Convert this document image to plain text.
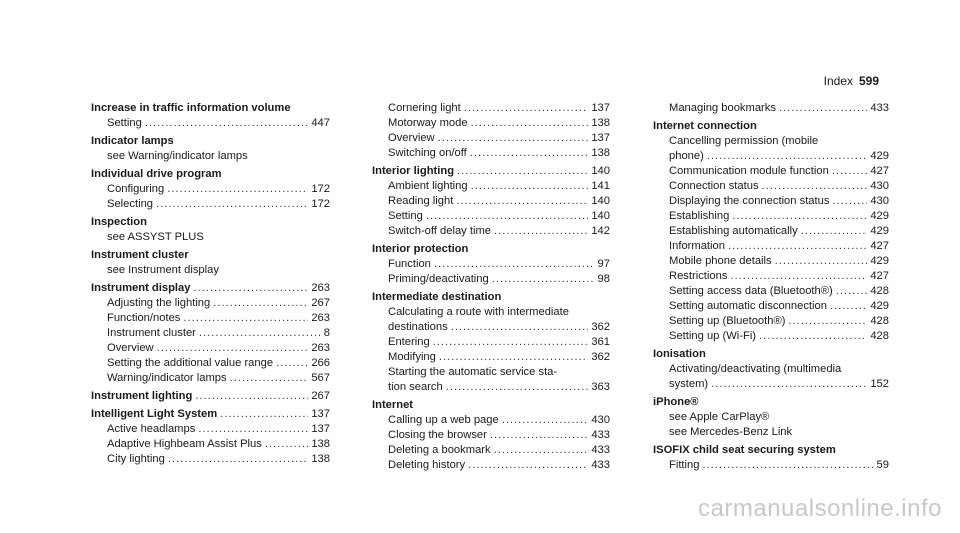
Index 599
Increase in traffic information volume
Setting .....	447
Indicator lamps
see Warning/indicator lamps
Individual drive program
Configuring .....	172
Selecting .....	172
Inspection
see ASSYST PLUS
Instrument cluster
see Instrument display
Instrument display .....	263
Adjusting the lighting .....	267
Function/notes .....	263
Instrument cluster .....	8
Overview .....	263
Setting the additional value range .....	266
Warning/indicator lamps .....	567
Instrument lighting .....	267
Intelligent Light System .....	137
Active headlamps .....	137
Adaptive Highbeam Assist Plus .....	138
City lighting .....	138
Cornering light .....	137
Motorway mode .....	138
Overview .....	137
Switching on/off .....	138
Interior lighting .....	140
Ambient lighting .....	141
Reading light .....	140
Setting .....	140
Switch-off delay time .....	142
Interior protection
Function .....	97
Priming/deactivating .....	98
Intermediate destination
Calculating a route with intermediate
destinations .....	362
Entering .....	361
Modifying .....	362
Starting the automatic service sta-
tion search .....	363
Internet
Calling up a web page .....	430
Closing the browser .....	433
Deleting a bookmark .....	433
Deleting history .....	433
Managing bookmarks .....	433
Internet connection
Cancelling permission (mobile
phone) .....	429
Communication module function .....	427
Connection status .....	430
Displaying the connection status .....	430
Establishing .....	429
Establishing automatically .....	429
Information .....	427
Mobile phone details .....	429
Restrictions .....	427
Setting access data (Bluetooth®) .....	428
Setting automatic disconnection .....	429
Setting up (Bluetooth®) .....	428
Setting up (Wi-Fi) .....	428
Ionisation
Activating/deactivating (multimedia
system) .....	152
iPhone®
see Apple CarPlay®
see Mercedes-Benz Link
ISOFIX child seat securing system
Fitting .....	59
carmanualsonline.info
